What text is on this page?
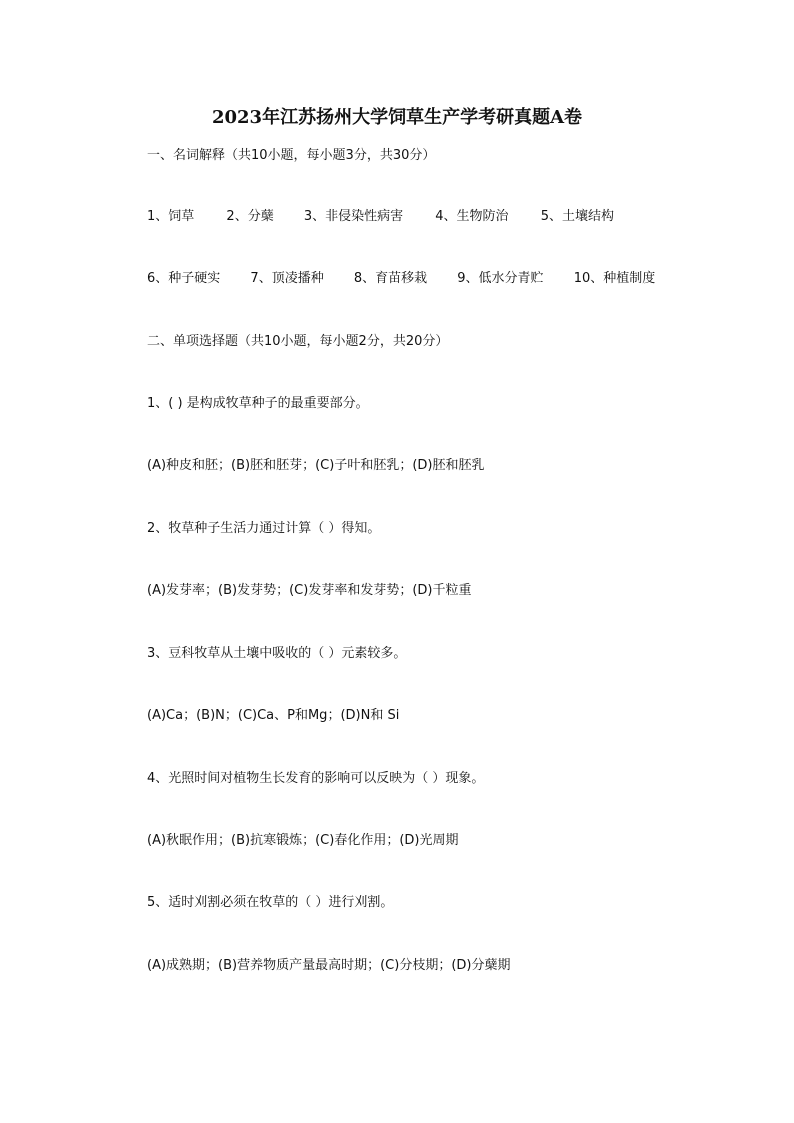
2023年江苏扬州大学饲草生产学考研真题A卷
一、名词解释（共10小题，每小题3分，共30分）
1、饲草 2、分蘖 3、非侵染性病害 4、生物防治 5、土壤结构
6、种子硬实 7、顶凌播种 8、育苗移栽 9、低水分青贮 10、种植制度
二、单项选择题（共10小题，每小题2分，共20分）
1、( ) 是构成牧草种子的最重要部分。
(A)种皮和胚；(B)胚和胚芽；(C)子叶和胚乳；(D)胚和胚乳
2、牧草种子生活力通过计算（ ）得知。
(A)发芽率；(B)发芽势；(C)发芽率和发芽势；(D)千粒重
3、豆科牧草从土壤中吸收的（ ）元素较多。
(A)Ca；(B)N；(C)Ca、P和Mg；(D)N和 Si
4、光照时间对植物生长发育的影响可以反映为（ ）现象。
(A)秋眠作用；(B)抗寒锻炼；(C)春化作用；(D)光周期
5、适时刈割必须在牧草的（ ）进行刈割。
(A)成熟期；(B)营养物质产量最高时期；(C)分枝期；(D)分蘖期
